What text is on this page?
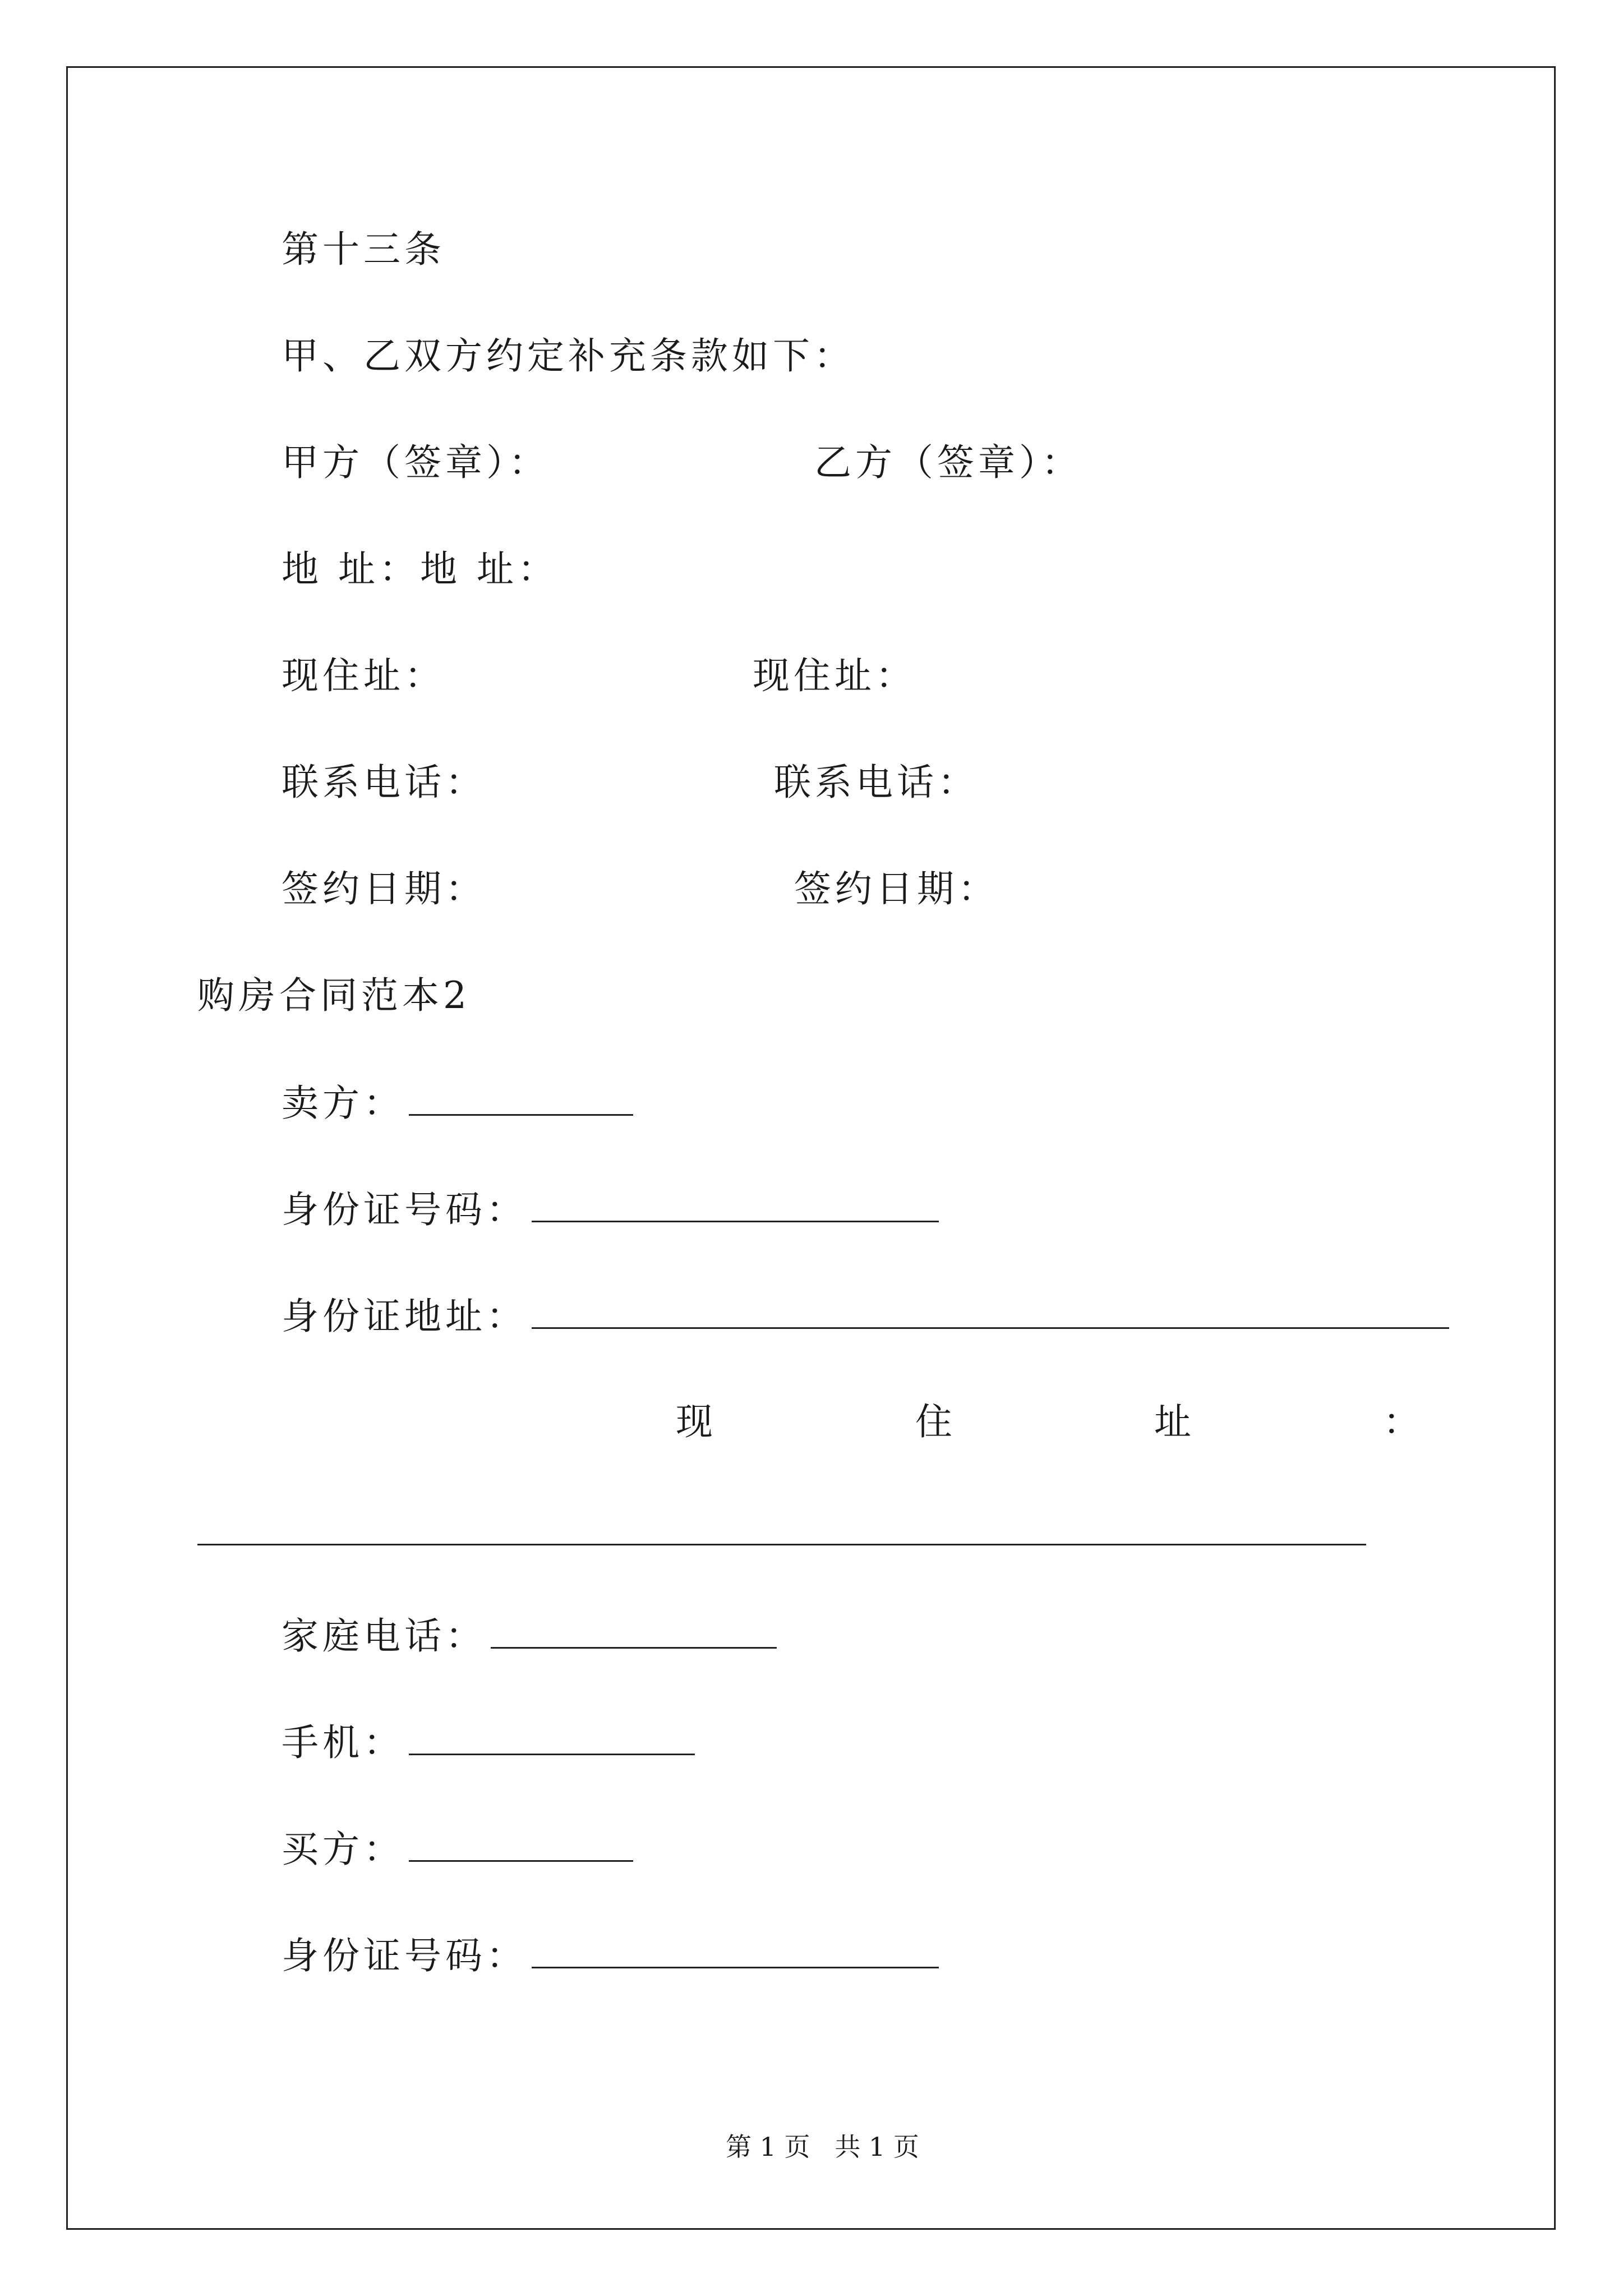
第十三条
甲、乙双方约定补充条款如下：
甲方（签章）：	乙方（签章）：
地 址：地 址：
现住址：	现住址：
联系电话：	联系电话：
签约日期：	签约日期：
购房合同范本2
卖方：
身份证号码：
身份证地址：
现	住	址	：
家庭电话：
手机：
买方：
身份证号码：
第 1 页   共 1 页
